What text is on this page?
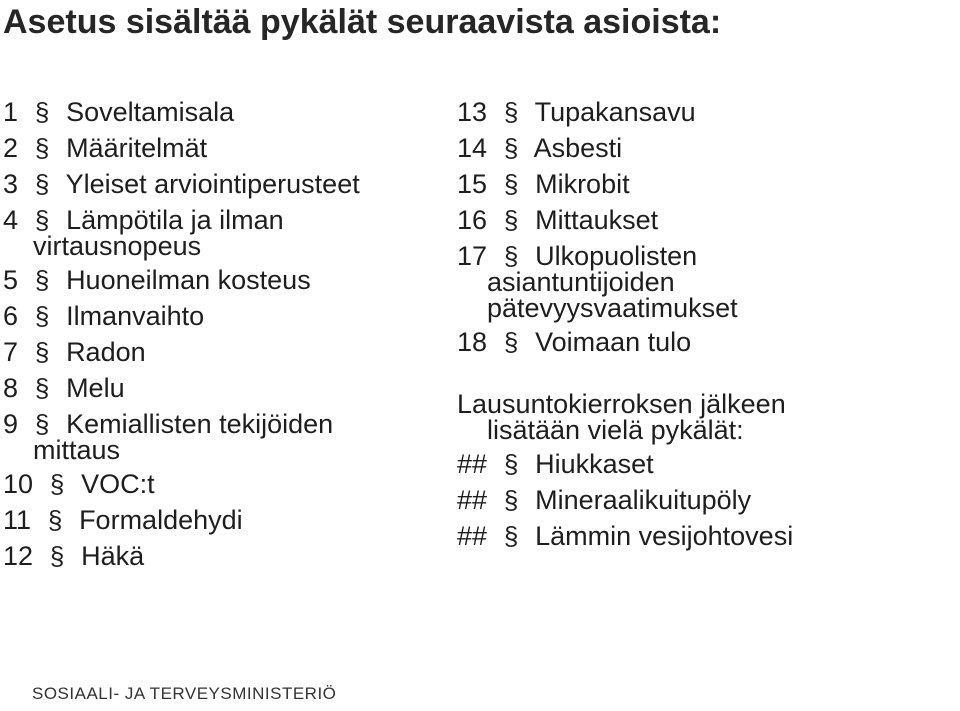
Asetus sisältää pykälät seuraavista asioista:
1 § Soveltamisala
2 § Määritelmät
3 § Yleiset arviointiperusteet
4 § Lämpötila ja ilman
virtausnopeus
5 § Huoneilman kosteus
6 § Ilmanvaihto
7 § Radon
8 § Melu
9 § Kemiallisten tekijöiden
mittaus
10 § VOC:t
11 § Formaldehydi
12 § Häkä
13 § Tupakansavu
14 § Asbesti
15 § Mikrobit
16 § Mittaukset
17 § Ulkopuolisten
asiantuntijoiden
pätevyysvaatimukset
18 § Voimaan tulo
Lausuntokierroksen jälkeen
lisätään vielä pykälät:
## § Hiukkaset
## § Mineraalikuitupöly
## § Lämmin vesijohtovesi
SOSIAALI- JA TERVEYSMINISTERIÖ
